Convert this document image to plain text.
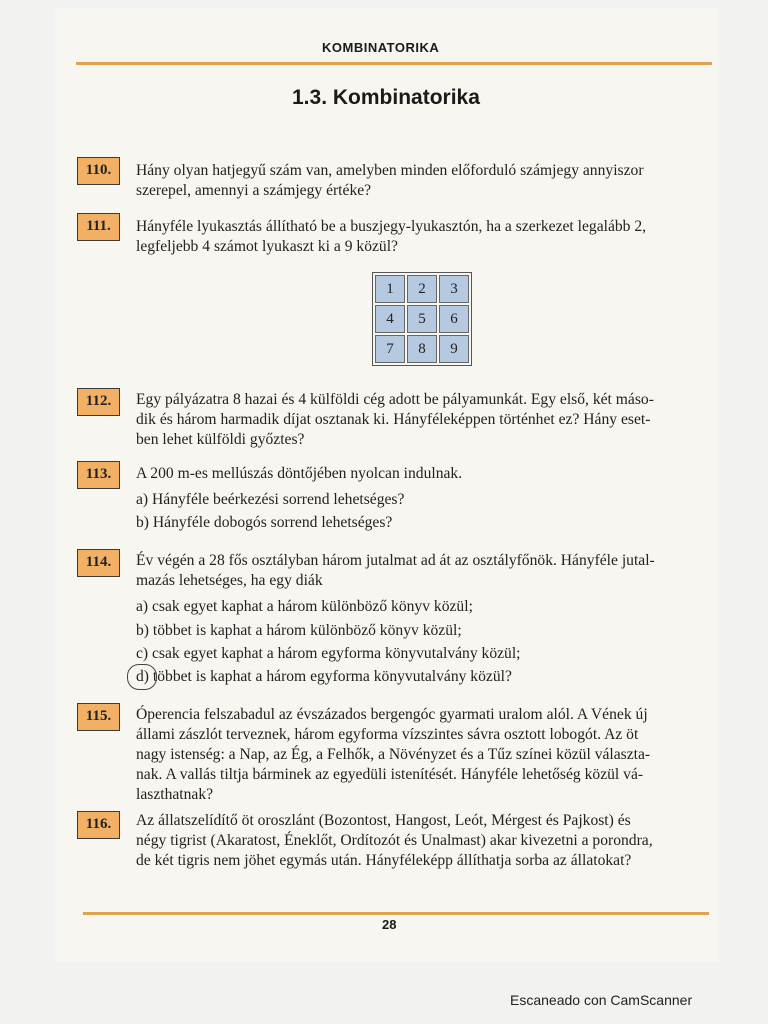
KOMBINATORIKA
1.3. Kombinatorika
110.	Hány olyan hatjegyű szám van, amelyben minden előforduló számjegy annyiszor
szerepel, amennyi a számjegy értéke?
111.	Hányféle lyukasztás állítható be a buszjegy-lyukasztón, ha a szerkezet legalább 2,
legfeljebb 4 számot lyukaszt ki a 9 közül?
1	2	3
4	5	6
7	8	9
112.	Egy pályázatra 8 hazai és 4 külföldi cég adott be pályamunkát. Egy első, két máso-
dik és három harmadik díjat osztanak ki. Hányféleképpen történhet ez? Hány eset-
ben lehet külföldi győztes?
113.	A 200 m-es mellúszás döntőjében nyolcan indulnak.
a) Hányféle beérkezési sorrend lehetséges?
b) Hányféle dobogós sorrend lehetséges?
114.	Év végén a 28 fős osztályban három jutalmat ad át az osztályfőnök. Hányféle jutal-
mazás lehetséges, ha egy diák
a) csak egyet kaphat a három különböző könyv közül;
b) többet is kaphat a három különböző könyv közül;
c) csak egyet kaphat a három egyforma könyvutalvány közül;
d) többet is kaphat a három egyforma könyvutalvány közül?
115.	Óperencia felszabadul az évszázados bergengóc gyarmati uralom alól. A Vének új
állami zászlót terveznek, három egyforma vízszintes sávra osztott lobogót. Az öt
nagy istenség: a Nap, az Ég, a Felhők, a Növényzet és a Tűz színei közül választa-
nak. A vallás tiltja bárminek az egyedüli istenítését. Hányféle lehetőség közül vá-
laszthatnak?
116.	Az állatszelídítő öt oroszlánt (Bozontost, Hangost, Leót, Mérgest és Pajkost) és
négy tigrist (Akaratost, Éneklőt, Ordítozót és Unalmast) akar kivezetni a porondra,
de két tigris nem jöhet egymás után. Hányféleképp állíthatja sorba az állatokat?
28
Escaneado con CamScanner
